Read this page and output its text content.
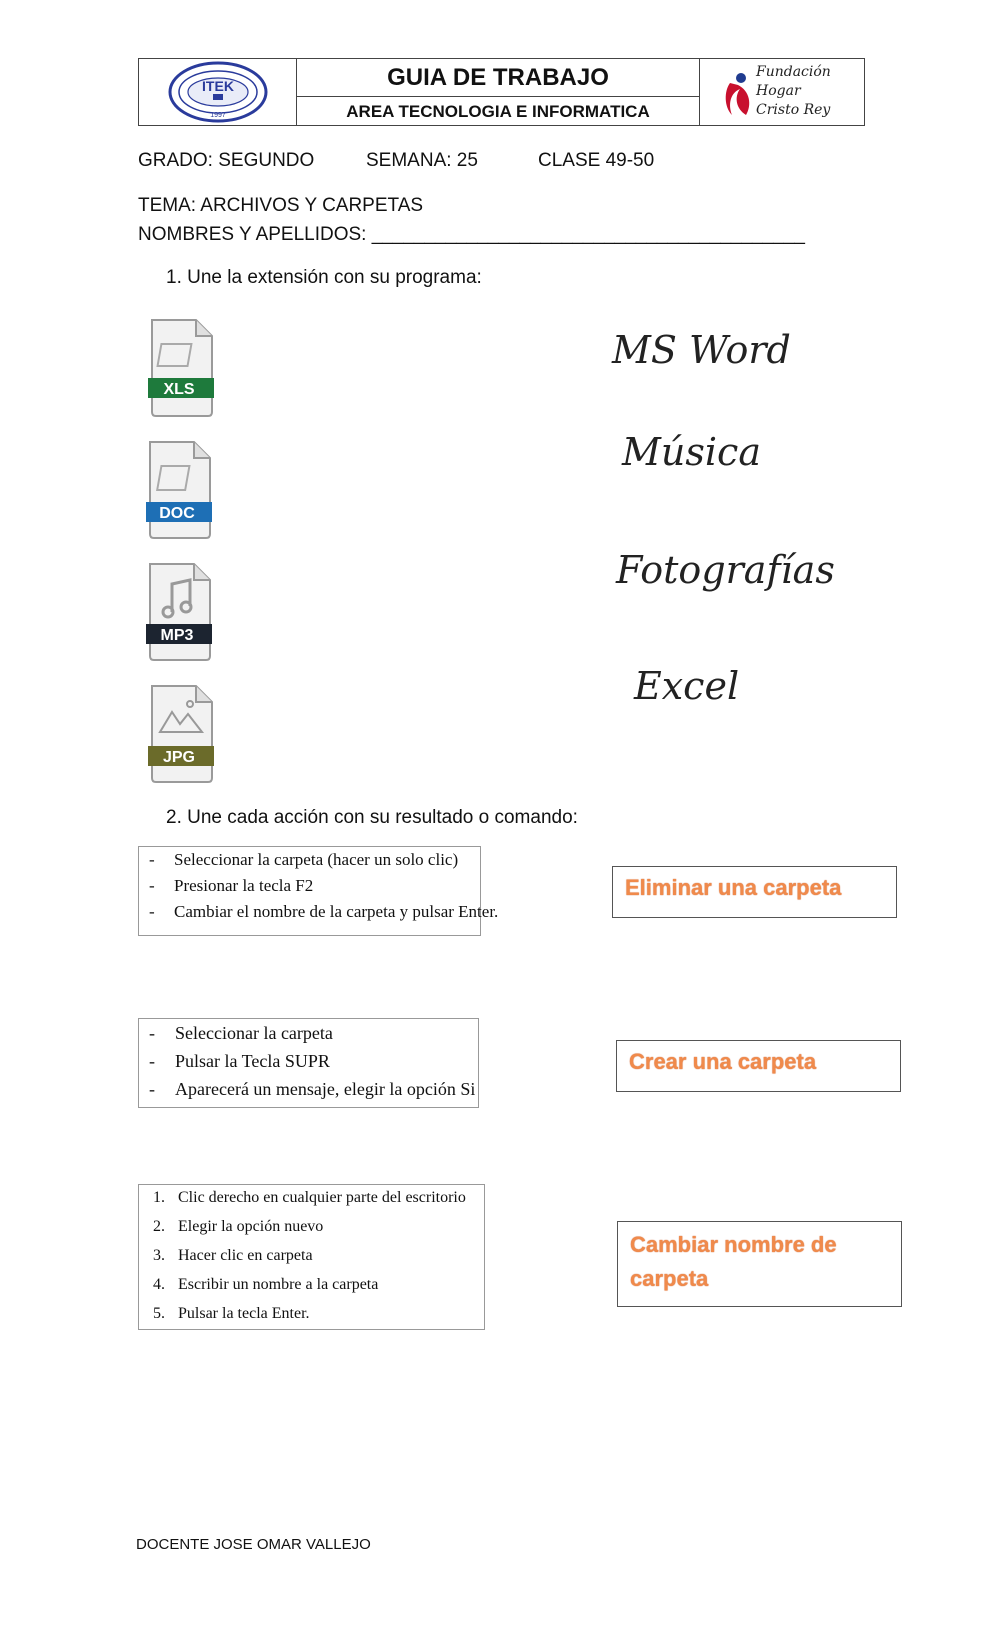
ITEK
1997
GUIA DE TRABAJO
AREA TECNOLOGIA E INFORMATICA
Fundación
Hogar
Cristo Rey
GRADO: SEGUNDO	SEMANA: 25	CLASE 49-50
TEMA: ARCHIVOS Y CARPETAS
NOMBRES Y APELLIDOS: _________________________________________
1. Une la extensión con su programa:
XLS
DOC
MP3
JPG
MS Word
Música
Fotografías
Excel
2. Une cada acción con su resultado o comando:
- Seleccionar la carpeta (hacer un solo clic)
- Presionar la tecla F2
- Cambiar el nombre de la carpeta y pulsar Enter.
- Seleccionar la carpeta
- Pulsar la Tecla SUPR
- Aparecerá un mensaje, elegir la opción Si
1. Clic derecho en cualquier parte del escritorio
2. Elegir la opción nuevo
3. Hacer clic en carpeta
4. Escribir un nombre a la carpeta
5. Pulsar la tecla Enter.
Eliminar una carpeta
Crear una carpeta
Cambiar nombre de carpeta
DOCENTE JOSE OMAR VALLEJO
